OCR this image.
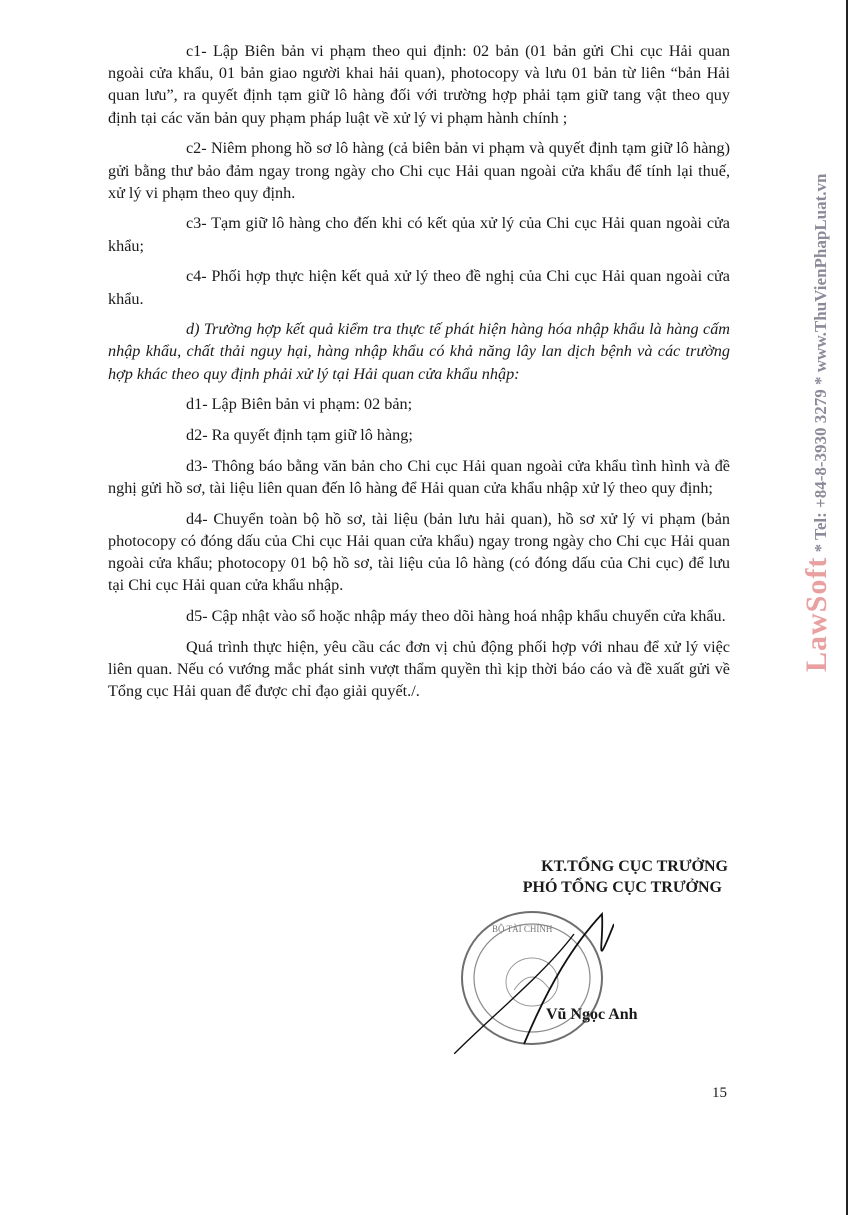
c1- Lập Biên bản vi phạm theo qui định: 02 bản (01 bản gửi Chi cục Hải quan ngoài cửa khẩu, 01 bản giao người khai hải quan), photocopy và lưu 01 bản từ liên “bản Hải quan lưu”, ra quyết định tạm giữ lô hàng đối với trường hợp phải tạm giữ tang vật theo quy định tại các văn bản quy phạm pháp luật về xử lý vi phạm hành chính ;

c2- Niêm phong hồ sơ lô hàng (cả biên bản vi phạm và quyết định tạm giữ lô hàng) gửi bằng thư bảo đảm ngay trong ngày cho Chi cục Hải quan ngoài cửa khẩu để tính lại thuế, xử lý vi phạm theo quy định.

c3- Tạm giữ lô hàng cho đến khi có kết qủa xử lý của Chi cục Hải quan ngoài cửa khẩu;

c4- Phối hợp thực hiện kết quả xử lý theo đề nghị của Chi cục Hải quan ngoài cửa khẩu.

d) Trường hợp kết quả kiểm tra thực tế phát hiện hàng hóa nhập khẩu là hàng cấm nhập khẩu, chất thải nguy hại, hàng nhập khẩu có khả năng lây lan dịch bệnh và các trường hợp khác theo quy định phải xử lý tại Hải quan cửa khẩu nhập:

d1- Lập Biên bản vi phạm: 02 bản;

d2- Ra quyết định tạm giữ lô hàng;

d3- Thông báo bằng văn bản cho Chi cục Hải quan ngoài cửa khẩu tình hình và đề nghị gửi hồ sơ, tài liệu liên quan đến lô hàng để Hải quan cửa khẩu nhập xử lý theo quy định;

d4- Chuyển toàn bộ hồ sơ, tài liệu (bản lưu hải quan), hồ sơ xử lý vi phạm (bản photocopy có đóng dấu của Chi cục Hải quan cửa khẩu) ngay trong ngày cho Chi cục Hải quan ngoài cửa khẩu; photocopy 01 bộ hồ sơ, tài liệu của lô hàng (có đóng dấu của Chi cục) để lưu tại Chi cục Hải quan cửa khẩu nhập.

d5- Cập nhật vào sổ hoặc nhập máy theo dõi hàng hoá nhập khẩu chuyển cửa khẩu.

Quá trình thực hiện, yêu cầu các đơn vị chủ động phối hợp với nhau để xử lý việc liên quan. Nếu có vướng mắc phát sinh vượt thẩm quyền thì kịp thời báo cáo và đề xuất gửi về Tổng cục Hải quan để được chỉ đạo giải quyết./.

KT.TỔNG CỤC TRƯỞNG
PHÓ TỔNG CỤC TRƯỞNG
BỘ TÀI CHÍNH
Vũ Ngọc Anh
15
LawSoft * Tel: +84-8-3930 3279 * www.ThuVienPhapLuat.vn
